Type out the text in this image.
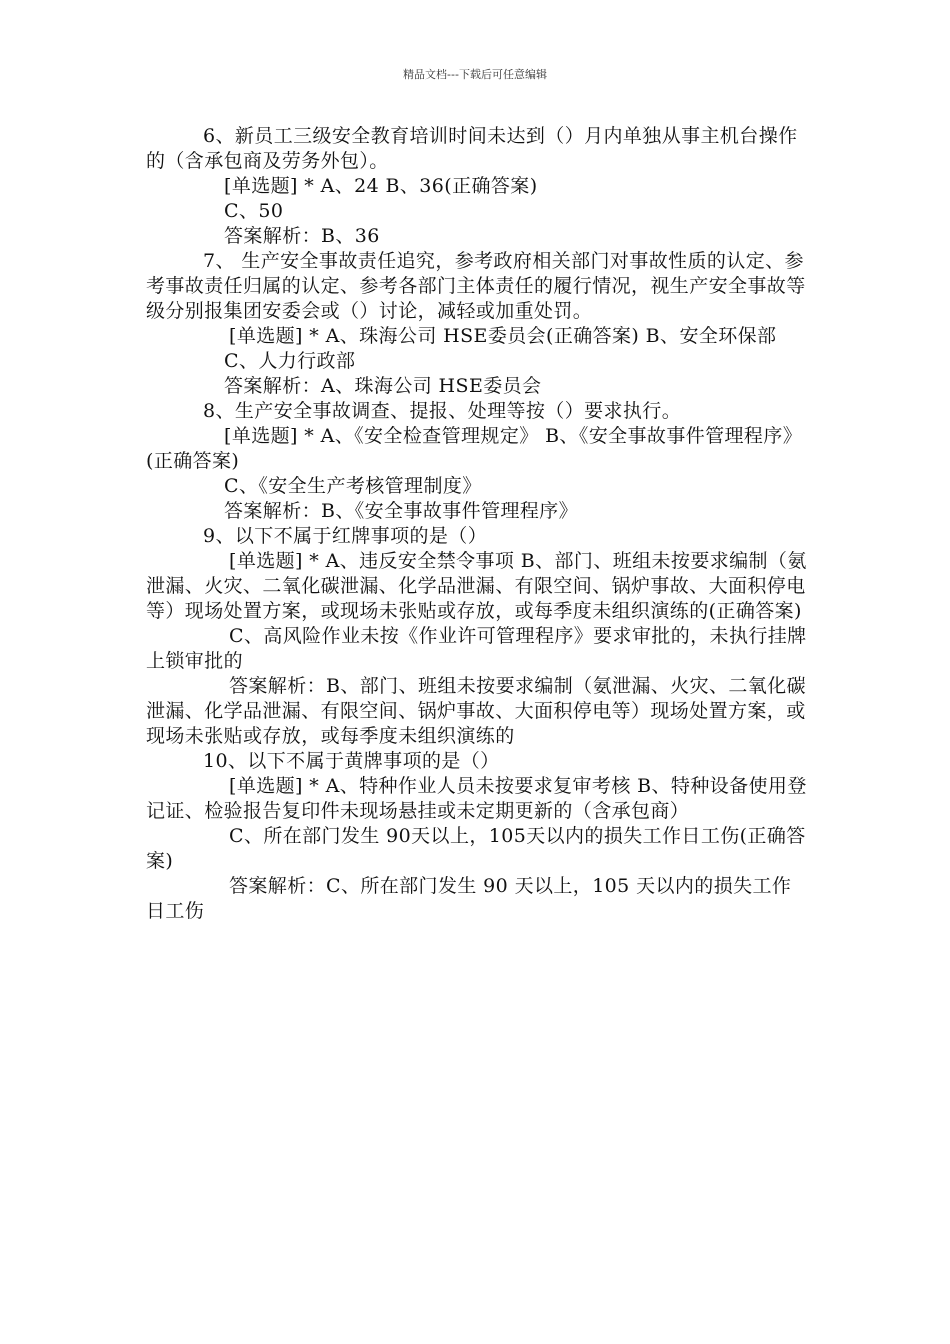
精品文档---下载后可任意编辑

6、新员工三级安全教育培训时间未达到（）月内单独从事主机台操作的（含承包商及劳务外包）。

[单选题] * A、24 B、36(正确答案)

C、50

答案解析：B、36

7、 生产安全事故责任追究，参考政府相关部门对事故性质的认定、参考事故责任归属的认定、参考各部门主体责任的履行情况，视生产安全事故等级分别报集团安委会或（）讨论，减轻或加重处罚。

[单选题] * A、珠海公司 HSE委员会(正确答案) B、安全环保部

C、人力行政部

答案解析：A、珠海公司 HSE委员会

8、生产安全事故调查、提报、处理等按（）要求执行。

[单选题] * A、《安全检查管理规定》 B、《安全事故事件管理程序》(正确答案)

C、《安全生产考核管理制度》

答案解析：B、《安全事故事件管理程序》

9、以下不属于红牌事项的是（）

[单选题] * A、违反安全禁令事项 B、部门、班组未按要求编制（氨泄漏、火灾、二氧化碳泄漏、化学品泄漏、有限空间、锅炉事故、大面积停电等）现场处置方案，或现场未张贴或存放，或每季度未组织演练的(正确答案)

C、高风险作业未按《作业许可管理程序》要求审批的，未执行挂牌上锁审批的

答案解析：B、部门、班组未按要求编制（氨泄漏、火灾、二氧化碳泄漏、化学品泄漏、有限空间、锅炉事故、大面积停电等）现场处置方案，或现场未张贴或存放，或每季度未组织演练的

10、以下不属于黄牌事项的是（）

[单选题] * A、特种作业人员未按要求复审考核 B、特种设备使用登记证、检验报告复印件未现场悬挂或未定期更新的（含承包商）

C、所在部门发生 90天以上，105天以内的损失工作日工伤(正确答案)

答案解析：C、所在部门发生 90 天以上，105 天以内的损失工作日工伤
